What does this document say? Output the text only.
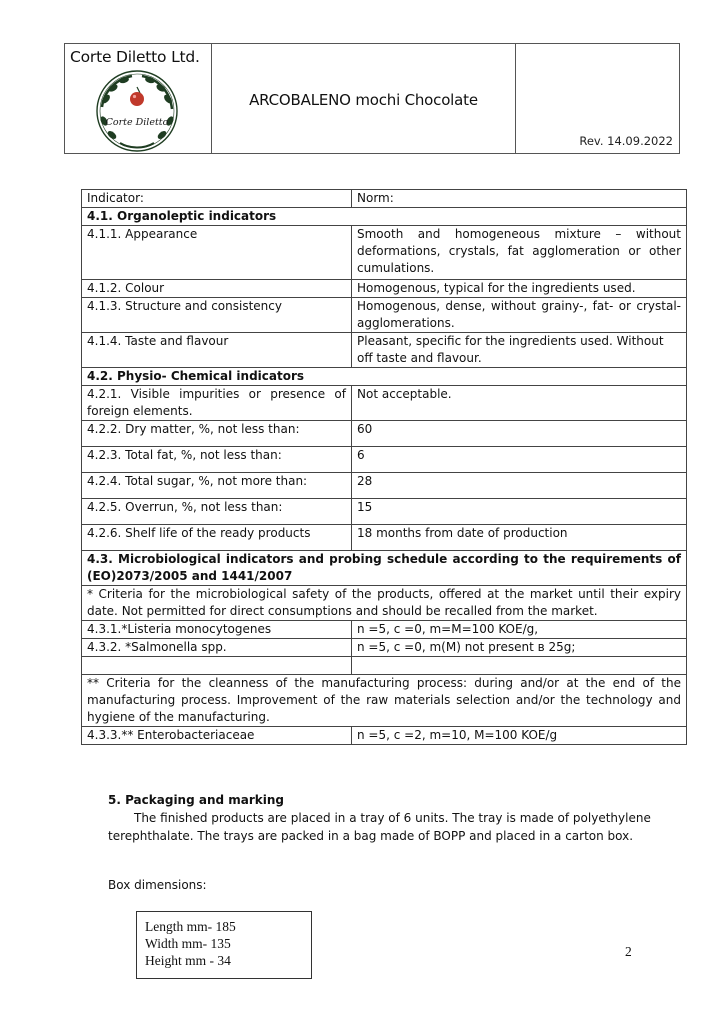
Corte Diletto Ltd.
Corte Diletto
ARCOBALENO mochi Chocolate
Rev. 14.09.2022
Indicator:	Norm:
4.1. Organoleptic indicators	
4.1.1. Appearance	Smooth and homogeneous mixture – without deformations, crystals, fat agglomeration or other cumulations.
4.1.2. Colour	Homogenous, typical for the ingredients used.
4.1.3. Structure and consistency	Homogenous, dense, without grainy-, fat- or crystal-agglomerations.
4.1.4. Taste and flavour	Pleasant, specific for the ingredients used. Without off taste and flavour.
4.2. Physio- Chemical indicators	
4.2.1. Visible impurities or presence of foreign elements.	Not acceptable.
4.2.2. Dry matter, %, not less than:	60
4.2.3. Total fat, %, not less than:	6
4.2.4. Total sugar, %, not more than:	28
4.2.5. Overrun, %, not less than:	15
4.2.6. Shelf life of the ready products	18 months from date of production
4.3. Microbiological indicators and probing schedule according to the requirements of (EO)2073/2005 and 1441/2007	
* Criteria for the microbiological safety of the products, offered at the market until their expiry date. Not permitted for direct consumptions and should be recalled from the market.	
4.3.1.*Listeria monocytogenes	n =5, c =0, m=M=100 KOE/g,
4.3.2. *Salmonella spp.	n =5, c =0, m(M) not present в 25g;

** Criteria for the cleanness of the manufacturing process: during and/or at the end of the manufacturing process. Improvement of the raw materials selection and/or the technology and hygiene of the manufacturing.	
4.3.3.** Enterobacteriaceae	n =5, c =2, m=10, M=100 KOE/g
5. Packaging and marking
The finished products are placed in a tray of 6 units. The tray is made of polyethylene terephthalate. The trays are packed in a bag made of BOPP and placed in a carton box.
Box dimensions:
Length mm- 185
Width mm- 135
Height mm - 34
2
